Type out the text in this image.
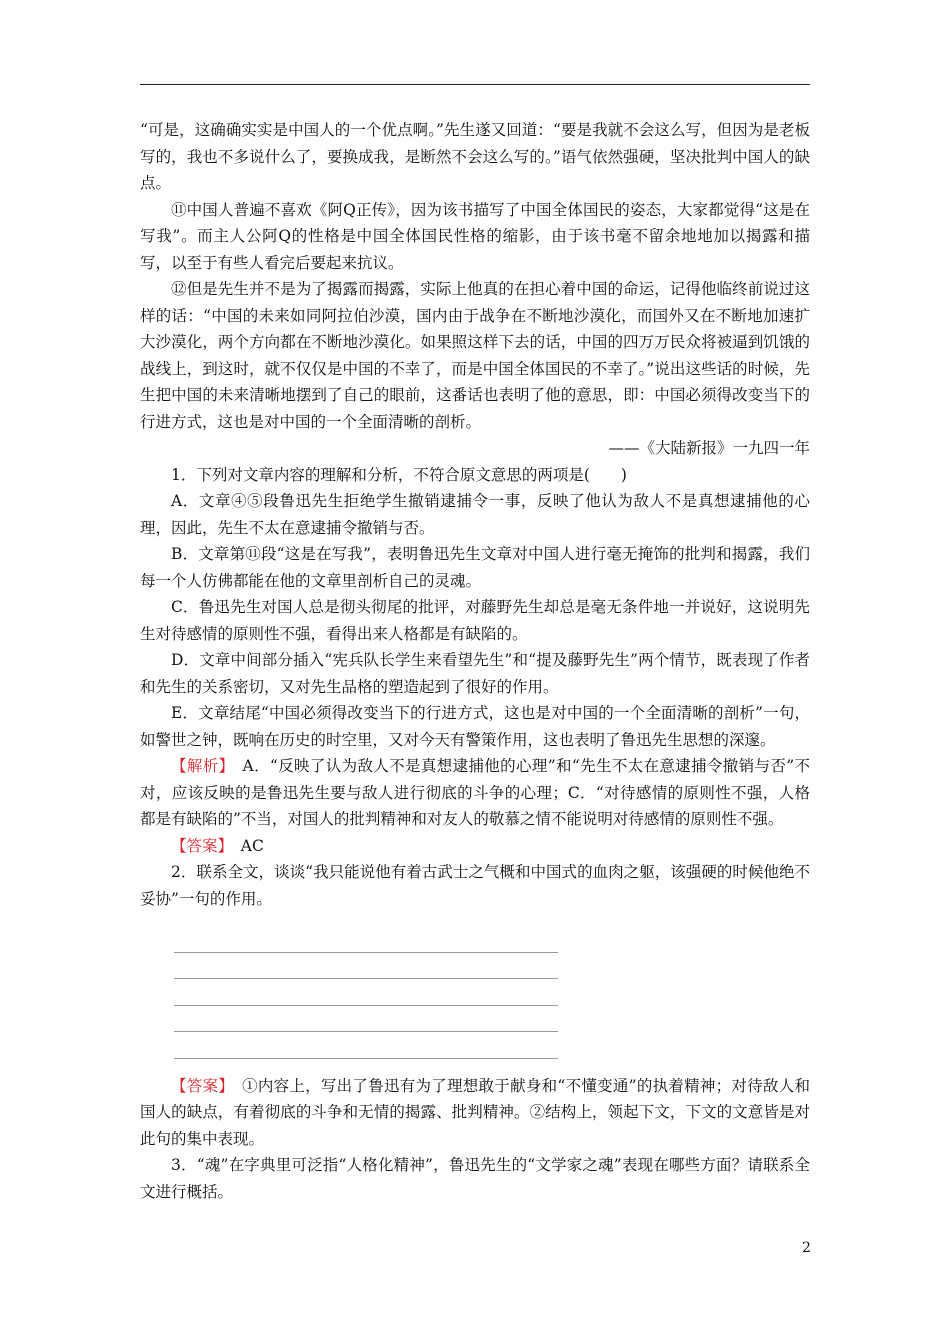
“可是，这确确实实是中国人的一个优点啊。”先生遂又回道：“要是我就不会这么写，但因为是老板写的，我也不多说什么了，要换成我，是断然不会这么写的。”语气依然强硬，坚决批判中国人的缺点。

⑪中国人普遍不喜欢《阿Q正传》，因为该书描写了中国全体国民的姿态，大家都觉得“这是在写我”。而主人公阿Q的性格是中国全体国民性格的缩影，由于该书毫不留余地地加以揭露和描写，以至于有些人看完后要起来抗议。

⑫但是先生并不是为了揭露而揭露，实际上他真的在担心着中国的命运，记得他临终前说过这样的话：“中国的未来如同阿拉伯沙漠，国内由于战争在不断地沙漠化，而国外又在不断地加速扩大沙漠化，两个方向都在不断地沙漠化。如果照这样下去的话，中国的四万万民众将被逼到饥饿的战线上，到这时，就不仅仅是中国的不幸了，而是中国全体国民的不幸了。”说出这些话的时候，先生把中国的未来清晰地摆到了自己的眼前，这番话也表明了他的意思，即：中国必须得改变当下的行进方式，这也是对中国的一个全面清晰的剖析。

——《大陆新报》一九四一年

1．下列对文章内容的理解和分析，不符合原文意思的两项是(　　)

A．文章④⑤段鲁迅先生拒绝学生撤销逮捕令一事，反映了他认为敌人不是真想逮捕他的心理，因此，先生不太在意逮捕令撤销与否。

B．文章第⑪段“这是在写我”，表明鲁迅先生文章对中国人进行毫无掩饰的批判和揭露，我们每一个人仿佛都能在他的文章里剖析自己的灵魂。

C．鲁迅先生对国人总是彻头彻尾的批评，对藤野先生却总是毫无条件地一并说好，这说明先生对待感情的原则性不强，看得出来人格都是有缺陷的。

D．文章中间部分插入“宪兵队长学生来看望先生”和“提及藤野先生”两个情节，既表现了作者和先生的关系密切，又对先生品格的塑造起到了很好的作用。

E．文章结尾“中国必须得改变当下的行进方式，这也是对中国的一个全面清晰的剖析”一句，如警世之钟，既响在历史的时空里，又对今天有警策作用，这也表明了鲁迅先生思想的深邃。

【解析】　 A．“反映了认为敌人不是真想逮捕他的心理”和“先生不太在意逮捕令撤销与否”不对，应该反映的是鲁迅先生要与敌人进行彻底的斗争的心理；C．“对待感情的原则性不强，人格都是有缺陷的”不当，对国人的批判精神和对友人的敬慕之情不能说明对待感情的原则性不强。

【答案】　 AC

2．联系全文，谈谈“我只能说他有着古武士之气概和中国式的血肉之躯，该强硬的时候他绝不妥协”一句的作用。

【答案】　 ①内容上，写出了鲁迅有为了理想敢于献身和“不懂变通”的执着精神；对待敌人和国人的缺点，有着彻底的斗争和无情的揭露、批判精神。②结构上，领起下文，下文的文意皆是对此句的集中表现。

3．“魂”在字典里可泛指“人格化精神”，鲁迅先生的“文学家之魂”表现在哪些方面？请联系全文进行概括。

2
